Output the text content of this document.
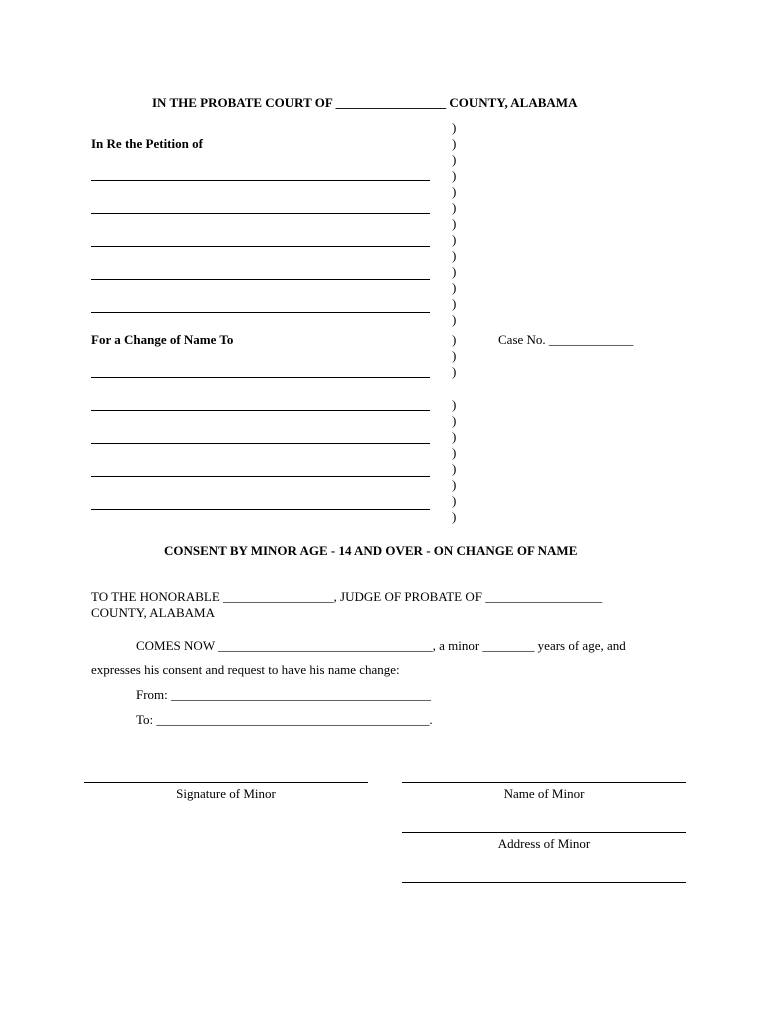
IN THE PROBATE COURT OF _________________ COUNTY, ALABAMA
In Re the Petition of
For a Change of Name To
)
)
)
)
)
)
)
)
)
)
)
)
)
)
)
)
)
)
)
)
)
)
)
)
Case No. _____________
CONSENT BY MINOR AGE - 14 AND OVER - ON CHANGE OF NAME
TO THE HONORABLE _________________, JUDGE OF PROBATE OF __________________
COUNTY, ALABAMA
COMES NOW _________________________________, a minor ________ years of age, and
expresses his consent and request to have his name change:
From: ________________________________________
To: __________________________________________.
Signature of Minor	Name of Minor
Address of Minor
